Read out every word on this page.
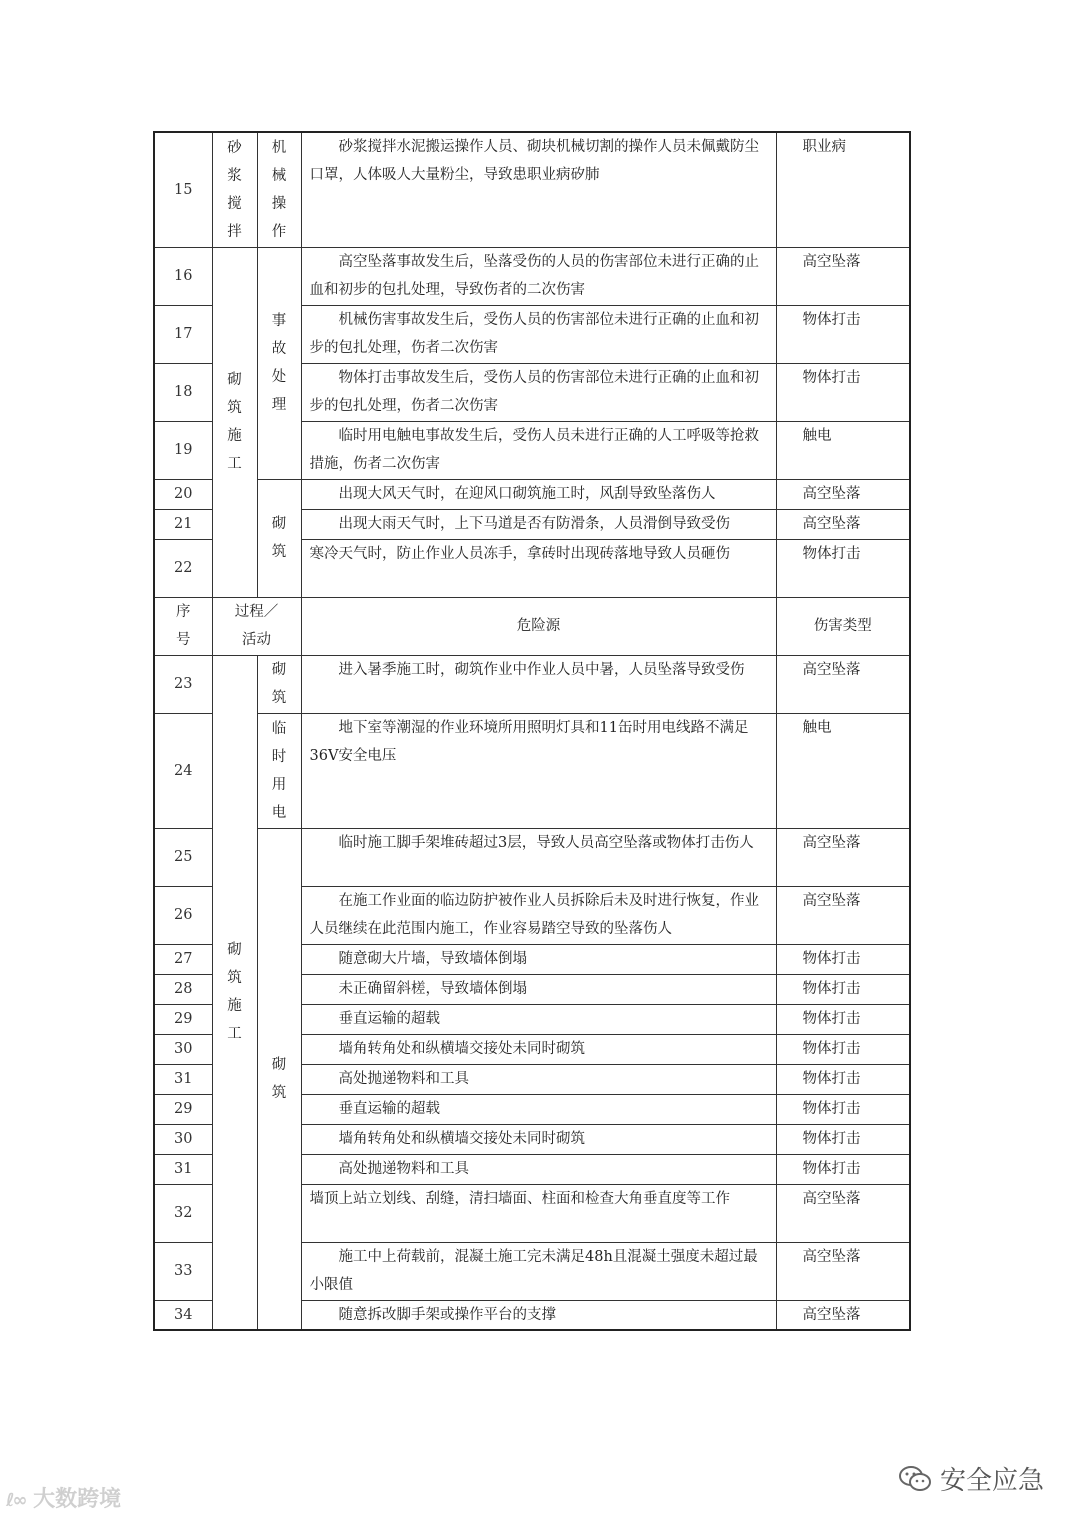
15	砂浆搅拌	机械操作	砂浆搅拌水泥搬运操作人员、砌块机械切割的操作人员未佩戴防尘口罩，人体吸人大量粉尘，导致患职业病矽肺	职业病
16	砌筑施工	事故处理	高空坠落事故发生后，坠落受伤的人员的伤害部位未进行正确的止血和初步的包扎处理，导致伤者的二次伤害	高空坠落
17			机械伤害事故发生后，受伤人员的伤害部位未进行正确的止血和初步的包扎处理，伤者二次伤害	物体打击
18			物体打击事故发生后，受伤人员的伤害部位未进行正确的止血和初步的包扎处理，伤者二次伤害	物体打击
19			临时用电触电事故发生后，受伤人员未进行正确的人工呼吸等抢救措施，伤者二次伤害	触电
20		砌筑	出现大风天气时，在迎风口砌筑施工时，风刮导致坠落伤人	高空坠落
21			出现大雨天气时，上下马道是否有防滑条，人员滑倒导致受伤	高空坠落
22			寒冷天气时，防止作业人员冻手，拿砖时出现砖落地导致人员砸伤	物体打击

序号	过程／活动		危险源	伤害类型
23	砌筑施工	砌筑	进入暑季施工时，砌筑作业中作业人员中暑，人员坠落导致受伤	高空坠落
24		临时用电	地下室等潮湿的作业环境所用照明灯具和11缶时用电线路不满足36V安全电压	触电
25		砌筑	临时施工脚手架堆砖超过3层，导致人员高空坠落或物体打击伤人	高空坠落
26			在施工作业面的临边防护被作业人员拆除后未及时进行恢复，作业人员继续在此范围内施工，作业容易踏空导致的坠落伤人	高空坠落
27			随意砌大片墙，导致墙体倒塌	物体打击
28			未正确留斜槎，导致墙体倒塌	物体打击
29			垂直运输的超载	物体打击
30			墙角转角处和纵横墙交接处未同时砌筑	物体打击
31			高处抛递物料和工具	物体打击
29			垂直运输的超载	物体打击
30			墙角转角处和纵横墙交接处未同时砌筑	物体打击
31			高处抛递物料和工具	物体打击
32			墙顶上站立划线、刮缝，清扫墙面、柱面和检查大角垂直度等工作	高空坠落
33			施工中上荷载前，混凝土施工完未满足48h且混凝土强度未超过最小限值	高空坠落
34			随意拆改脚手架或操作平台的支撑	高空坠落
ℓ∞ 大数跨境
安全应急
